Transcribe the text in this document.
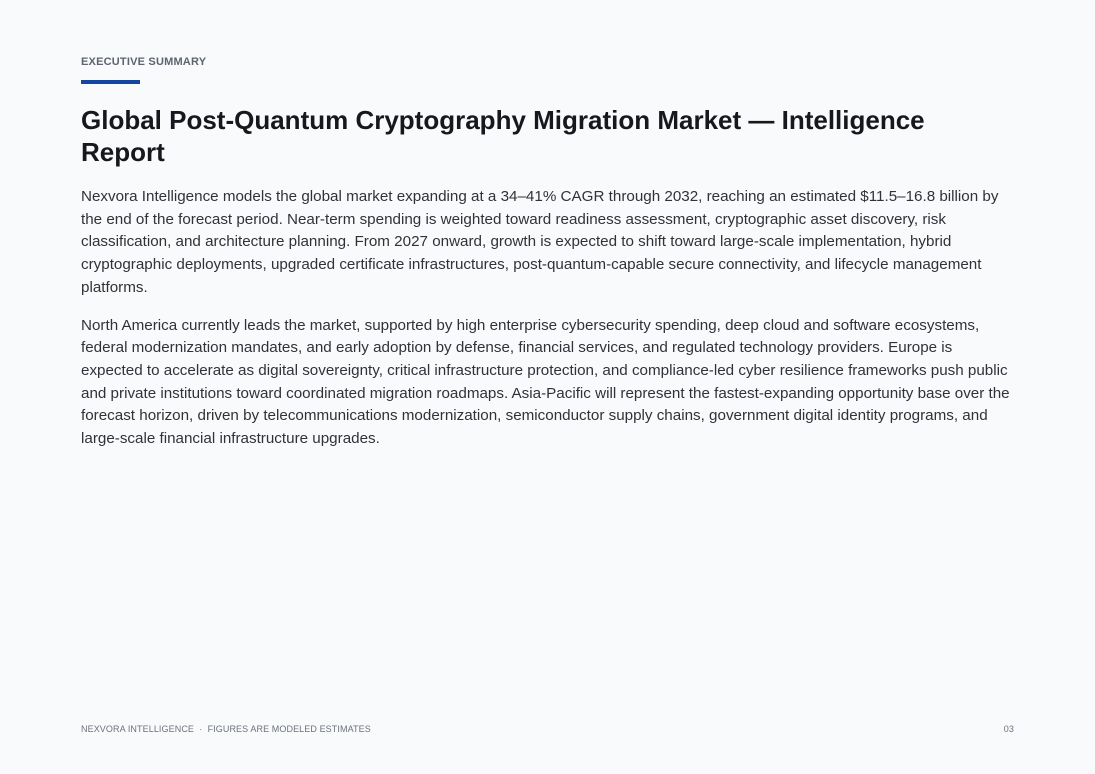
EXECUTIVE SUMMARY
Global Post-Quantum Cryptography Migration Market — Intelligence Report

Nexvora Intelligence models the global market expanding at a 34–41% CAGR through 2032, reaching an estimated $11.5–16.8 billion by the end of the forecast period. Near-term spending is weighted toward readiness assessment, cryptographic asset discovery, risk classification, and architecture planning. From 2027 onward, growth is expected to shift toward large-scale implementation, hybrid cryptographic deployments, upgraded certificate infrastructures, post-quantum-capable secure connectivity, and lifecycle management platforms.

North America currently leads the market, supported by high enterprise cybersecurity spending, deep cloud and software ecosystems, federal modernization mandates, and early adoption by defense, financial services, and regulated technology providers. Europe is expected to accelerate as digital sovereignty, critical infrastructure protection, and compliance-led cyber resilience frameworks push public and private institutions toward coordinated migration roadmaps. Asia-Pacific will represent the fastest-expanding opportunity base over the forecast horizon, driven by telecommunications modernization, semiconductor supply chains, government digital identity programs, and large-scale financial infrastructure upgrades.

NEXVORA INTELLIGENCE · FIGURES ARE MODELED ESTIMATES	03
